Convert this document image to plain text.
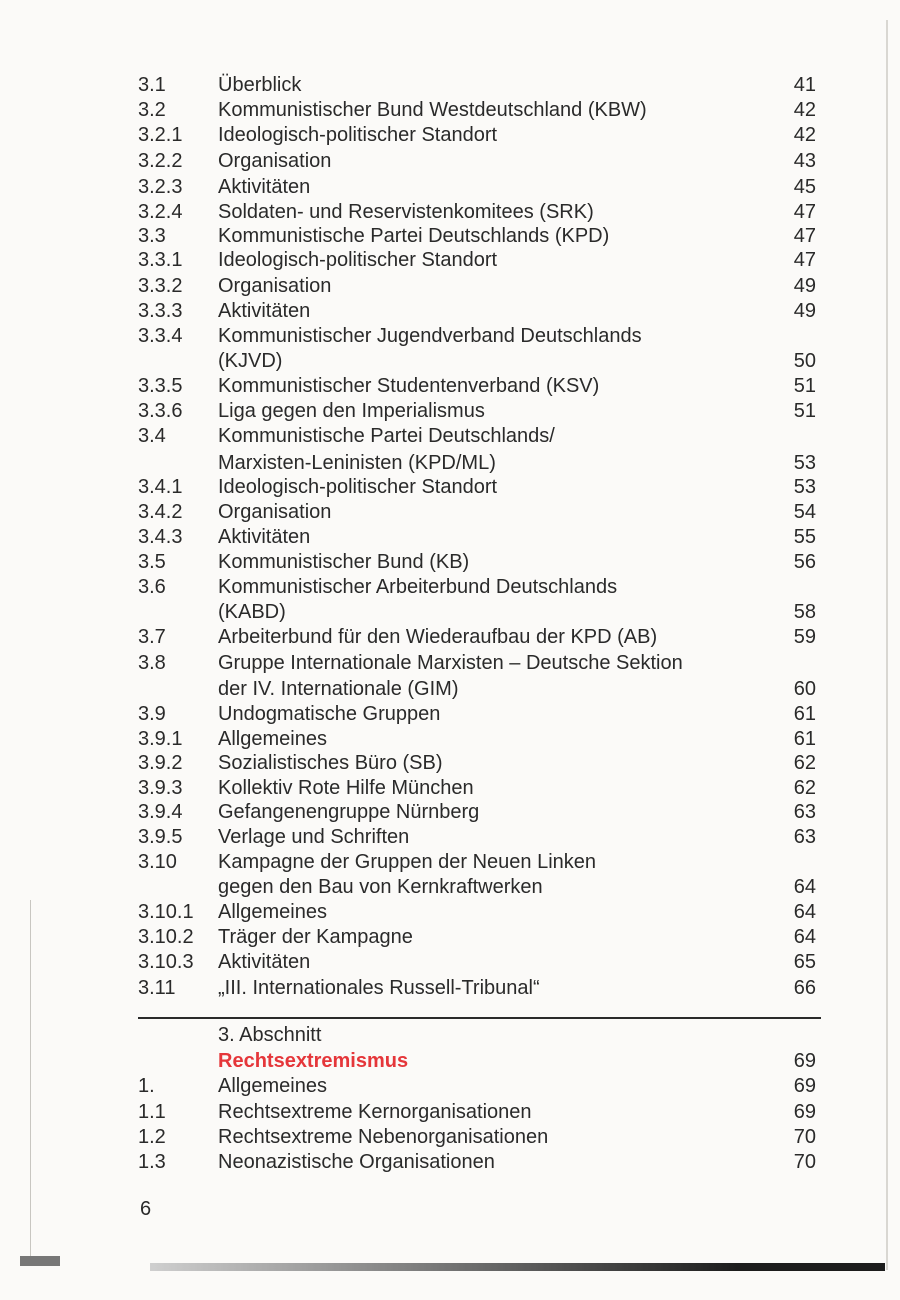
3.1	Überblick	41
3.2	Kommunistischer Bund Westdeutschland (KBW)	42
3.2.1 Ideologisch-politischer Standort	42
3.2.2 Organisation	43
3.2.3 Aktivitäten	45
3.2.4 Soldaten- und Reservistenkomitees (SRK)	47
3.3	Kommunistische Partei Deutschlands (KPD)	47
3.3.1 Ideologisch-politischer Standort	47
3.3.2 Organisation	49
3.3.3 Aktivitäten	49
3.3.4 Kommunistischer Jugendverband Deutschlands
(KJVD)	50
3.3.5 Kommunistischer Studentenverband (KSV)	51
3.3.6 Liga gegen den Imperialismus	51
3.4	Kommunistische Partei Deutschlands/
Marxisten-Leninisten (KPD/ML)	53
3.4.1 Ideologisch-politischer Standort	53
3.4.2 Organisation	54
3.4.3 Aktivitäten	55
3.5	Kommunistischer Bund (KB)	56
3.6	Kommunistischer Arbeiterbund Deutschlands
(KABD)	58
3.7	Arbeiterbund für den Wiederaufbau der KPD (AB)	59
3.8	Gruppe Internationale Marxisten – Deutsche Sektion
der IV. Internationale (GIM)	60
3.9	Undogmatische Gruppen	61
3.9.1 Allgemeines	61
3.9.2 Sozialistisches Büro (SB)	62
3.9.3 Kollektiv Rote Hilfe München	62
3.9.4 Gefangenengruppe Nürnberg	63
3.9.5 Verlage und Schriften	63
3.10 Kampagne der Gruppen der Neuen Linken
gegen den Bau von Kernkraftwerken	64
3.10.1 Allgemeines	64
3.10.2 Träger der Kampagne	64
3.10.3 Aktivitäten	65
3.11 „III. Internationales Russell-Tribunal“	66
3. Abschnitt
Rechtsextremismus	69
1.	Allgemeines	69
1.1	Rechtsextreme Kernorganisationen	69
1.2	Rechtsextreme Nebenorganisationen	70
1.3	Neonazistische Organisationen	70
6
